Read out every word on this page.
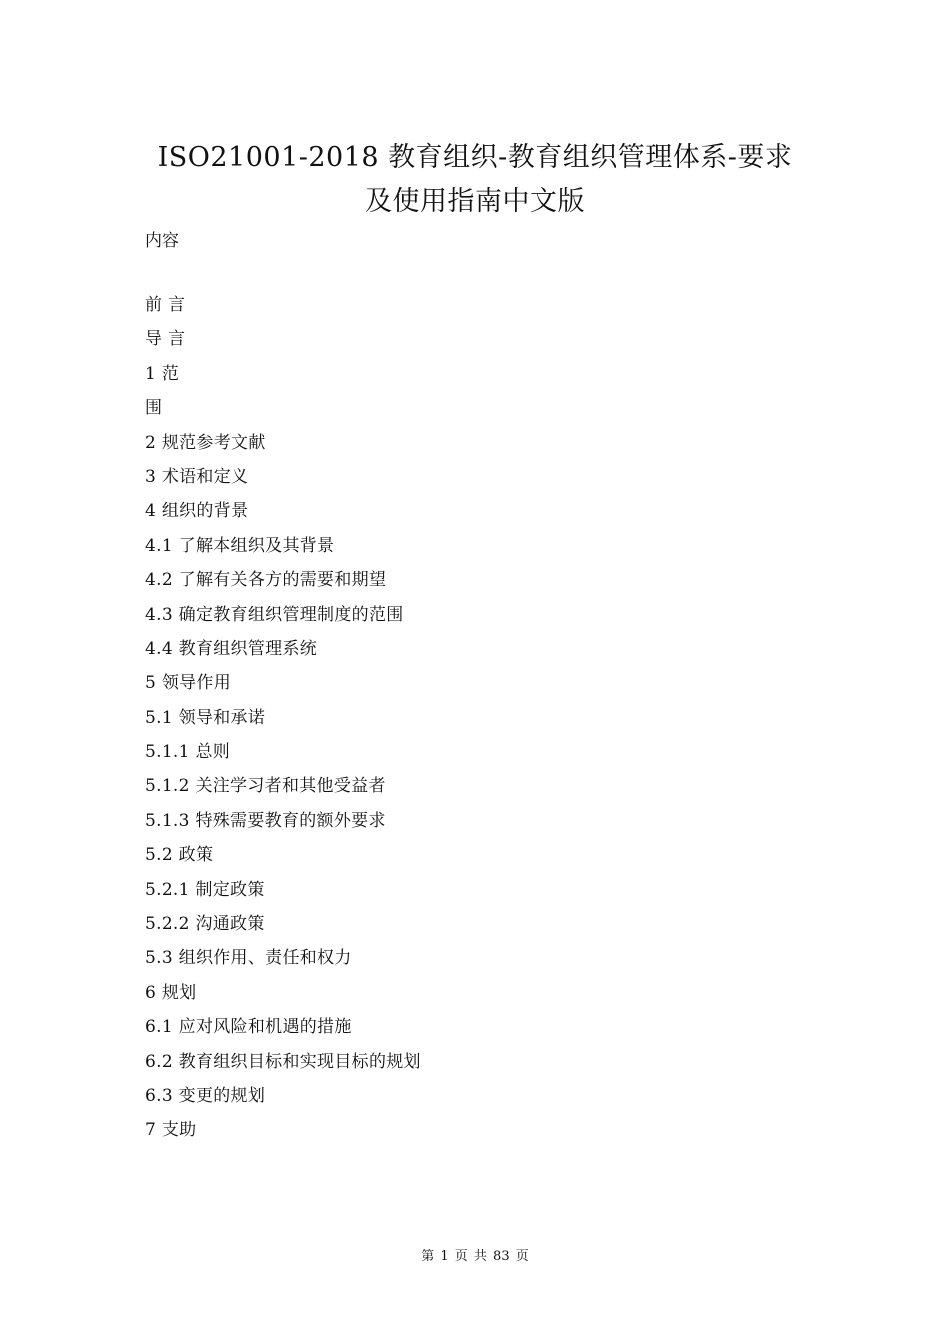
ISO21001-2018 教育组织-教育组织管理体系-要求
及使用指南中文版
内容
前 言
导 言
1 范
围
2 规范参考文献
3 术语和定义
4 组织的背景
4.1 了解本组织及其背景
4.2 了解有关各方的需要和期望
4.3 确定教育组织管理制度的范围
4.4 教育组织管理系统
5 领导作用
5.1 领导和承诺
5.1.1 总则
5.1.2 关注学习者和其他受益者
5.1.3 特殊需要教育的额外要求
5.2 政策
5.2.1 制定政策
5.2.2 沟通政策
5.3 组织作用、责任和权力
6 规划
6.1 应对风险和机遇的措施
6.2 教育组织目标和实现目标的规划
6.3 变更的规划
7 支助
第 1 页 共 83 页
